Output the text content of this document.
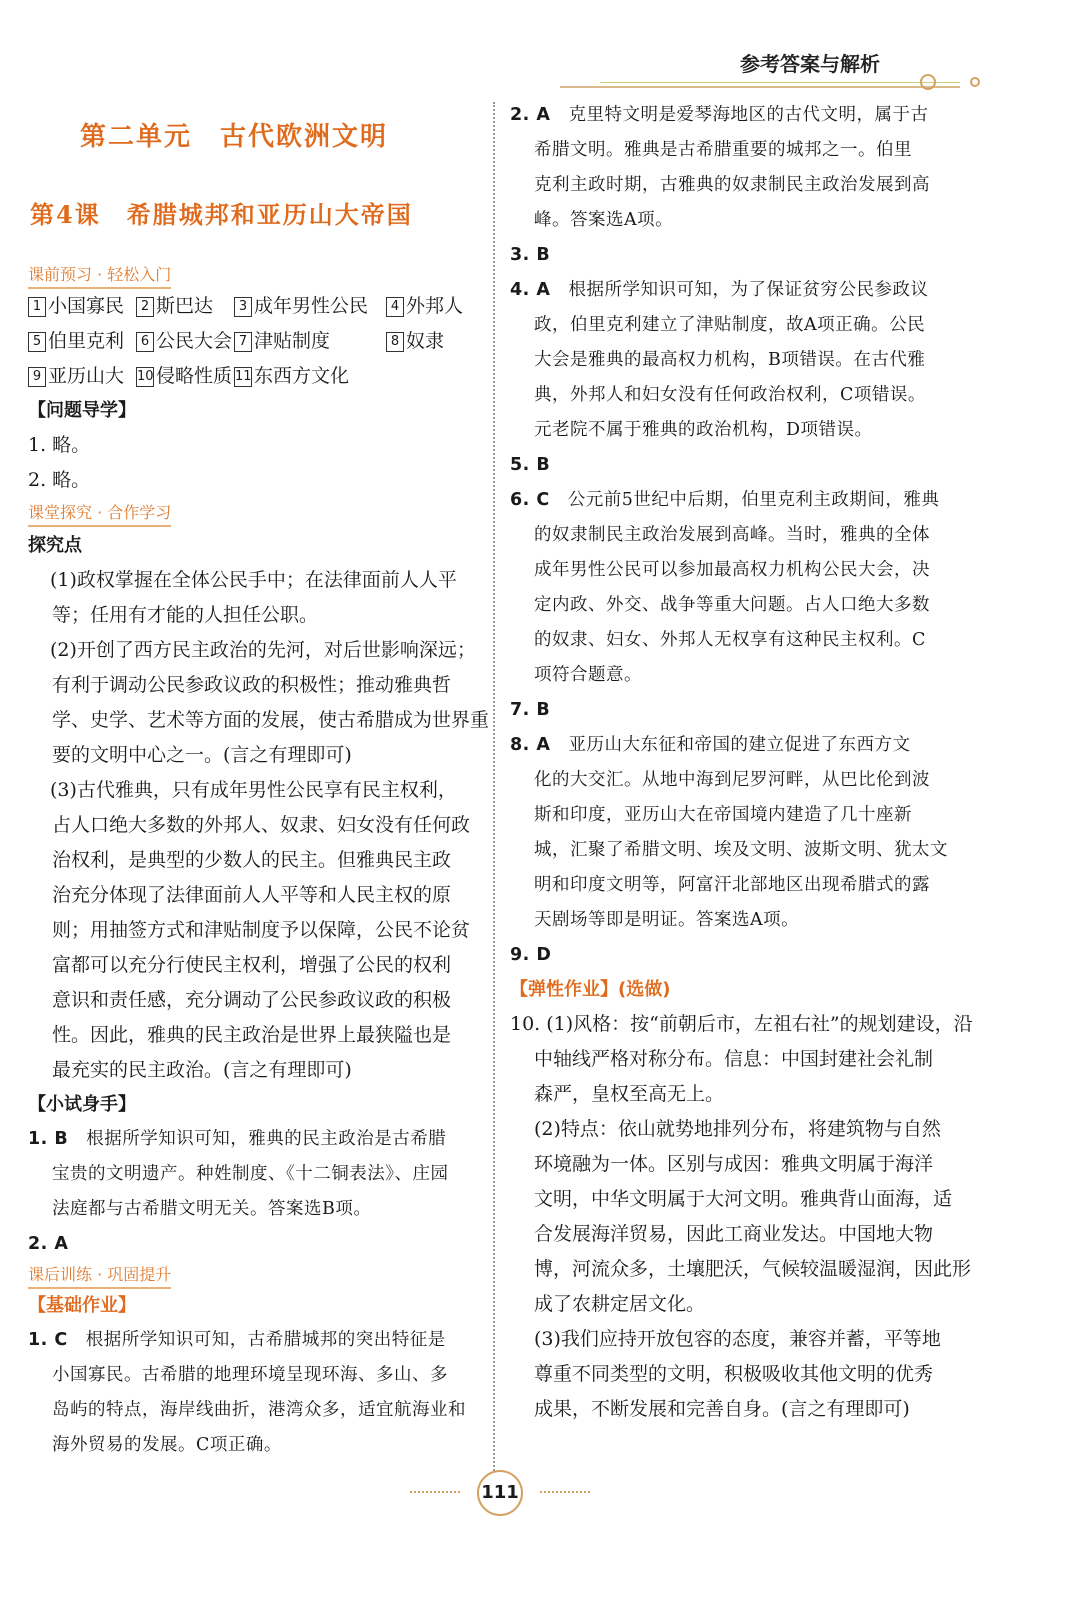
参考答案与解析
第二单元　古代欧洲文明
第4课　希腊城邦和亚历山大帝国
课前预习 · 轻松入门
1 小国寡民	2 斯巴达	3 成年男性公民	4 外邦人
5 伯里克利	6 公民大会 7 津贴制度	8 奴隶
9 亚历山大 10 侵略性质 11 东西方文化
【问题导学】
1. 略。
2. 略。
课堂探究 · 合作学习
探究点
(1)政权掌握在全体公民手中；在法律面前人人平
等；任用有才能的人担任公职。
(2)开创了西方民主政治的先河，对后世影响深远；
有利于调动公民参政议政的积极性；推动雅典哲
学、史学、艺术等方面的发展，使古希腊成为世界重
要的文明中心之一。(言之有理即可)
(3)古代雅典，只有成年男性公民享有民主权利，
占人口绝大多数的外邦人、奴隶、妇女没有任何政
治权利，是典型的少数人的民主。但雅典民主政
治充分体现了法律面前人人平等和人民主权的原
则；用抽签方式和津贴制度予以保障，公民不论贫
富都可以充分行使民主权利，增强了公民的权利
意识和责任感，充分调动了公民参政议政的积极
性。因此，雅典的民主政治是世界上最狭隘也是
最充实的民主政治。(言之有理即可)
【小试身手】
1. B　根据所学知识可知，雅典的民主政治是古希腊
宝贵的文明遗产。种姓制度、《十二铜表法》、庄园
法庭都与古希腊文明无关。答案选B项。
2. A
课后训练 · 巩固提升
【基础作业】
1. C　根据所学知识可知，古希腊城邦的突出特征是
小国寡民。古希腊的地理环境呈现环海、多山、多
岛屿的特点，海岸线曲折，港湾众多，适宜航海业和
海外贸易的发展。C项正确。
2. A　克里特文明是爱琴海地区的古代文明，属于古
希腊文明。雅典是古希腊重要的城邦之一。伯里
克利主政时期，古雅典的奴隶制民主政治发展到高
峰。答案选A项。
3. B
4. A　根据所学知识可知，为了保证贫穷公民参政议
政，伯里克利建立了津贴制度，故A项正确。公民
大会是雅典的最高权力机构，B项错误。在古代雅
典，外邦人和妇女没有任何政治权利，C项错误。
元老院不属于雅典的政治机构，D项错误。
5. B
6. C　公元前5世纪中后期，伯里克利主政期间，雅典
的奴隶制民主政治发展到高峰。当时，雅典的全体
成年男性公民可以参加最高权力机构公民大会，决
定内政、外交、战争等重大问题。占人口绝大多数
的奴隶、妇女、外邦人无权享有这种民主权利。C
项符合题意。
7. B
8. A　亚历山大东征和帝国的建立促进了东西方文
化的大交汇。从地中海到尼罗河畔，从巴比伦到波
斯和印度，亚历山大在帝国境内建造了几十座新
城，汇聚了希腊文明、埃及文明、波斯文明、犹太文
明和印度文明等，阿富汗北部地区出现希腊式的露
天剧场等即是明证。答案选A项。
9. D
【弹性作业】(选做)
10. (1)风格：按“前朝后市，左祖右社”的规划建设，沿
中轴线严格对称分布。信息：中国封建社会礼制
森严，皇权至高无上。
(2)特点：依山就势地排列分布，将建筑物与自然
环境融为一体。区别与成因：雅典文明属于海洋
文明，中华文明属于大河文明。雅典背山面海，适
合发展海洋贸易，因此工商业发达。中国地大物
博，河流众多，土壤肥沃，气候较温暖湿润，因此形
成了农耕定居文化。
(3)我们应持开放包容的态度，兼容并蓄，平等地
尊重不同类型的文明，积极吸收其他文明的优秀
成果，不断发展和完善自身。(言之有理即可)
111
